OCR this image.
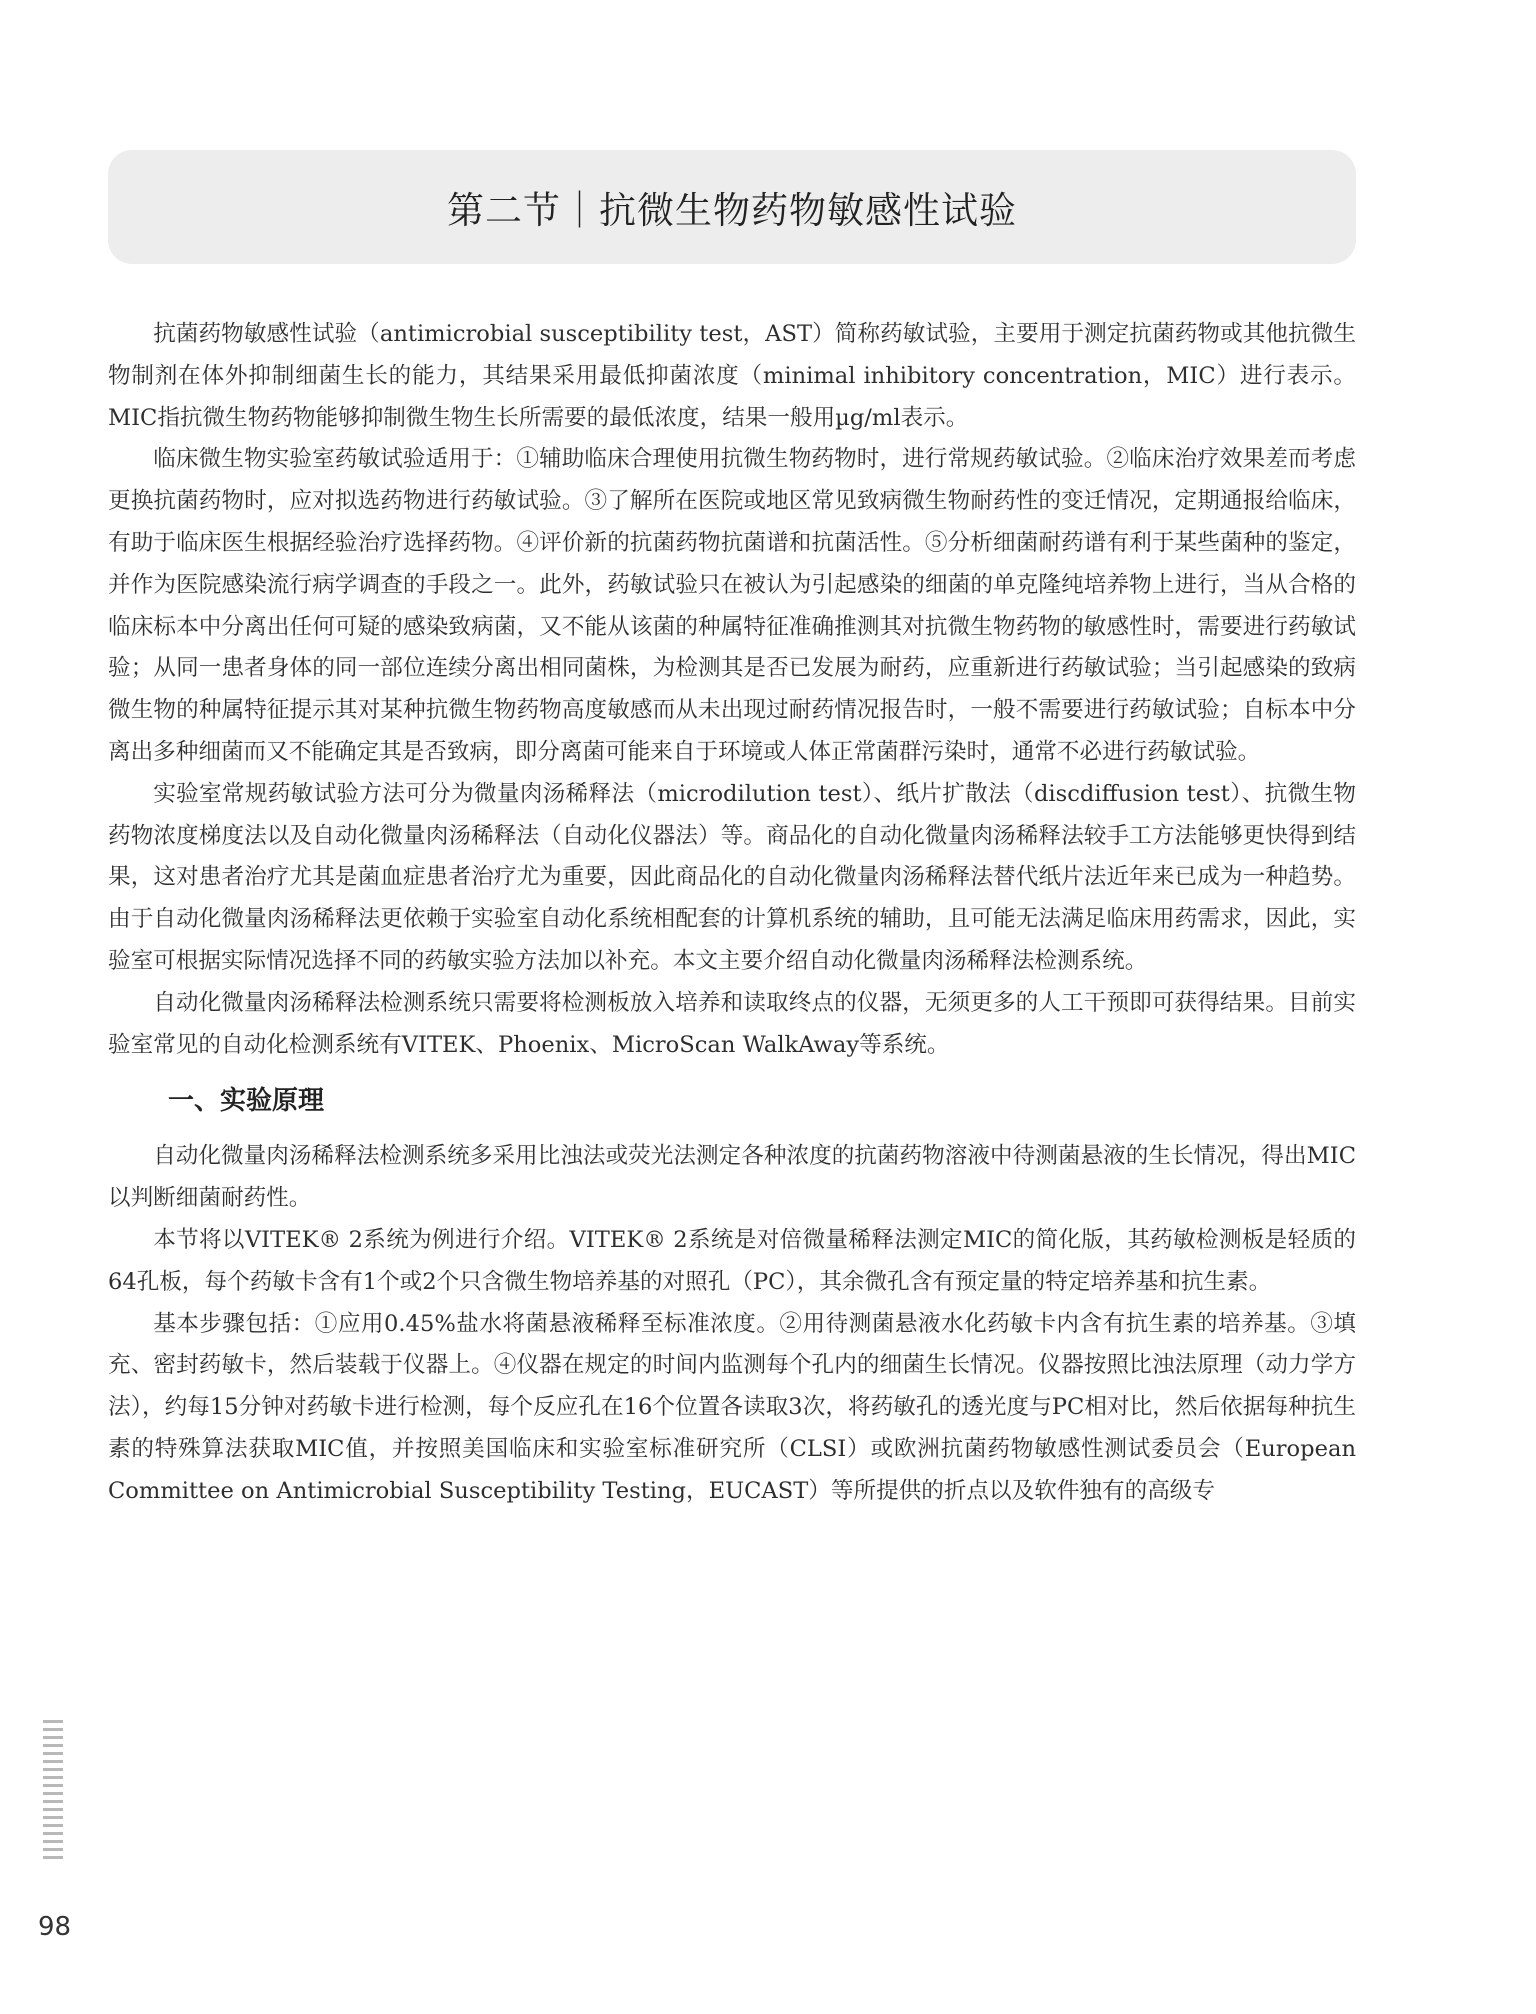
第二节｜抗微生物药物敏感性试验

抗菌药物敏感性试验（antimicrobial susceptibility test，AST）简称药敏试验，主要用于测定抗菌药物或其他抗微生物制剂在体外抑制细菌生长的能力，其结果采用最低抑菌浓度（minimal inhibitory concentration，MIC）进行表示。MIC指抗微生物药物能够抑制微生物生长所需要的最低浓度，结果一般用µg/ml表示。

临床微生物实验室药敏试验适用于：①辅助临床合理使用抗微生物药物时，进行常规药敏试验。②临床治疗效果差而考虑更换抗菌药物时，应对拟选药物进行药敏试验。③了解所在医院或地区常见致病微生物耐药性的变迁情况，定期通报给临床，有助于临床医生根据经验治疗选择药物。④评价新的抗菌药物抗菌谱和抗菌活性。⑤分析细菌耐药谱有利于某些菌种的鉴定，并作为医院感染流行病学调查的手段之一。此外，药敏试验只在被认为引起感染的细菌的单克隆纯培养物上进行，当从合格的临床标本中分离出任何可疑的感染致病菌，又不能从该菌的种属特征准确推测其对抗微生物药物的敏感性时，需要进行药敏试验；从同一患者身体的同一部位连续分离出相同菌株，为检测其是否已发展为耐药，应重新进行药敏试验；当引起感染的致病微生物的种属特征提示其对某种抗微生物药物高度敏感而从未出现过耐药情况报告时，一般不需要进行药敏试验；自标本中分离出多种细菌而又不能确定其是否致病，即分离菌可能来自于环境或人体正常菌群污染时，通常不必进行药敏试验。

实验室常规药敏试验方法可分为微量肉汤稀释法（microdilution test）、纸片扩散法（discdiffusion test）、抗微生物药物浓度梯度法以及自动化微量肉汤稀释法（自动化仪器法）等。商品化的自动化微量肉汤稀释法较手工方法能够更快得到结果，这对患者治疗尤其是菌血症患者治疗尤为重要，因此商品化的自动化微量肉汤稀释法替代纸片法近年来已成为一种趋势。由于自动化微量肉汤稀释法更依赖于实验室自动化系统相配套的计算机系统的辅助，且可能无法满足临床用药需求，因此，实验室可根据实际情况选择不同的药敏实验方法加以补充。本文主要介绍自动化微量肉汤稀释法检测系统。

自动化微量肉汤稀释法检测系统只需要将检测板放入培养和读取终点的仪器，无须更多的人工干预即可获得结果。目前实验室常见的自动化检测系统有VITEK、Phoenix、MicroScan WalkAway等系统。

一、实验原理

自动化微量肉汤稀释法检测系统多采用比浊法或荧光法测定各种浓度的抗菌药物溶液中待测菌悬液的生长情况，得出MIC以判断细菌耐药性。

本节将以VITEK® 2系统为例进行介绍。VITEK® 2系统是对倍微量稀释法测定MIC的简化版，其药敏检测板是轻质的64孔板，每个药敏卡含有1个或2个只含微生物培养基的对照孔（PC），其余微孔含有预定量的特定培养基和抗生素。

基本步骤包括：①应用0.45%盐水将菌悬液稀释至标准浓度。②用待测菌悬液水化药敏卡内含有抗生素的培养基。③填充、密封药敏卡，然后装载于仪器上。④仪器在规定的时间内监测每个孔内的细菌生长情况。仪器按照比浊法原理（动力学方法），约每15分钟对药敏卡进行检测，每个反应孔在16个位置各读取3次，将药敏孔的透光度与PC相对比，然后依据每种抗生素的特殊算法获取MIC值，并按照美国临床和实验室标准研究所（CLSI）或欧洲抗菌药物敏感性测试委员会（European Committee on Antimicrobial Susceptibility Testing，EUCAST）等所提供的折点以及软件独有的高级专

98
